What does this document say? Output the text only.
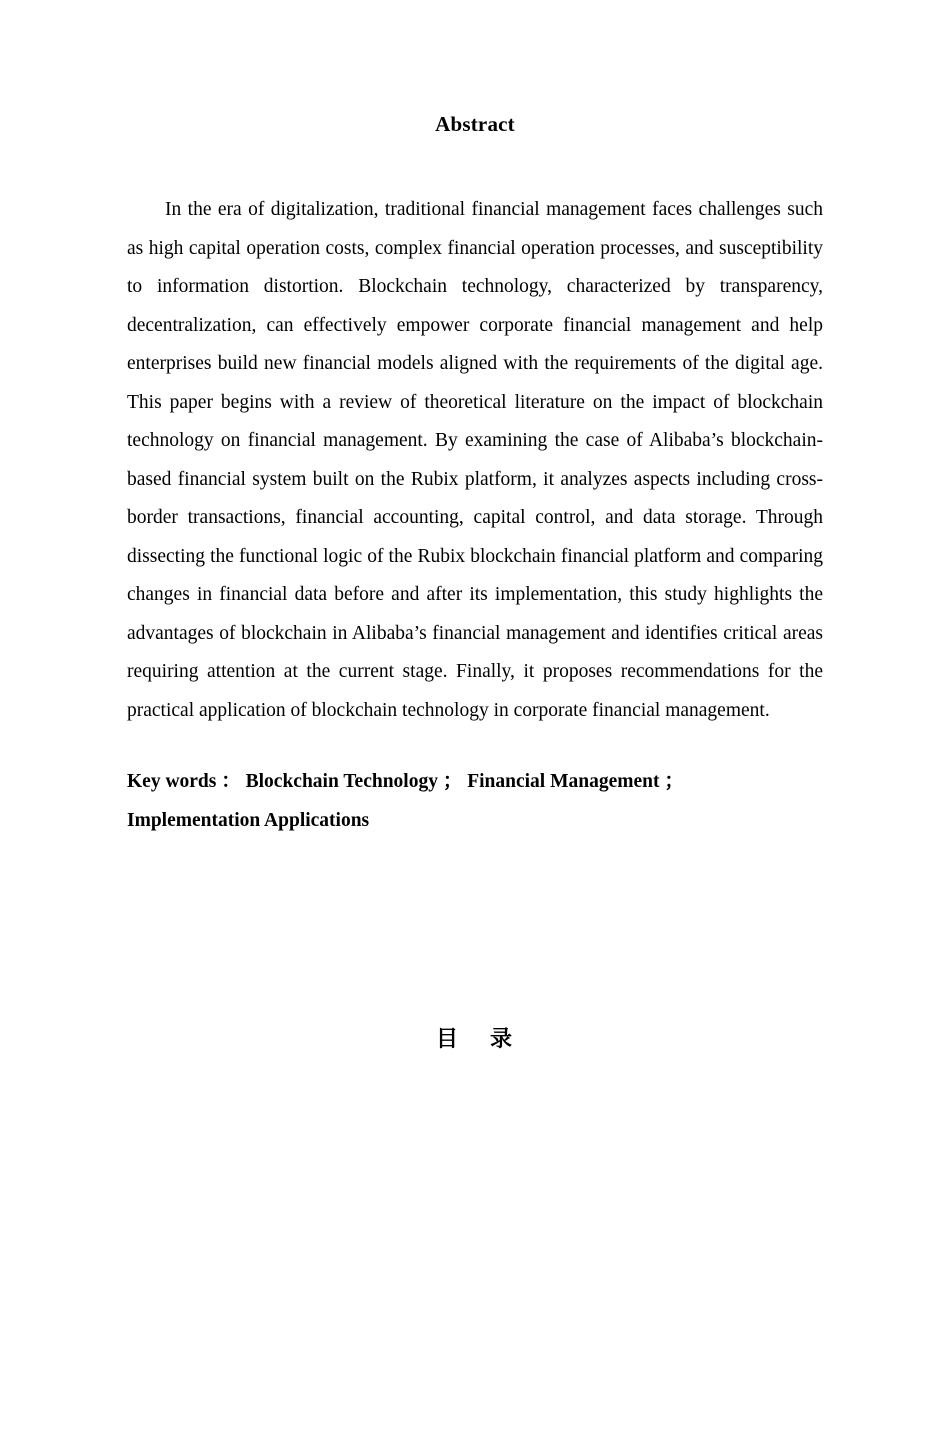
Abstract

In the era of digitalization, traditional financial management faces challenges such as high capital operation costs, complex financial operation processes, and susceptibility to information distortion. Blockchain technology, characterized by transparency, decentralization, can effectively empower corporate financial management and help enterprises build new financial models aligned with the requirements of the digital age. This paper begins with a review of theoretical literature on the impact of blockchain technology on financial management. By examining the case of Alibaba’s blockchain-based financial system built on the Rubix platform, it analyzes aspects including cross-border transactions, financial accounting, capital control, and data storage. Through dissecting the functional logic of the Rubix blockchain financial platform and comparing changes in financial data before and after its implementation, this study highlights the advantages of blockchain in Alibaba’s financial management and identifies critical areas requiring attention at the current stage. Finally, it proposes recommendations for the practical application of blockchain technology in corporate financial management.

Key words ： Blockchain Technology ； Financial Management ；
Implementation Applications
目 录
